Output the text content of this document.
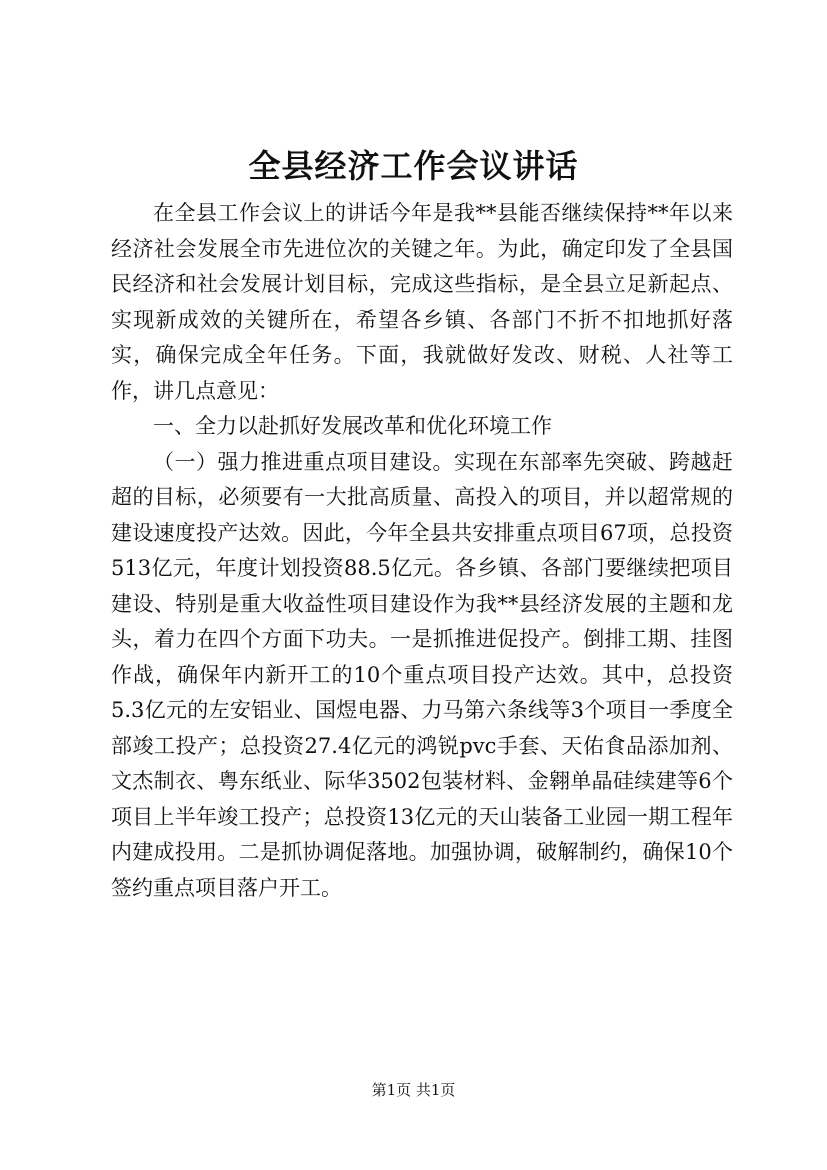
全县经济工作会议讲话

在全县工作会议上的讲话今年是我**县能否继续保持**年以来经济社会发展全市先进位次的关键之年。为此，确定印发了全县国民经济和社会发展计划目标，完成这些指标，是全县立足新起点、实现新成效的关键所在，希望各乡镇、各部门不折不扣地抓好落实，确保完成全年任务。下面，我就做好发改、财税、人社等工作，讲几点意见：

一、全力以赴抓好发展改革和优化环境工作

（一）强力推进重点项目建设。实现在东部率先突破、跨越赶超的目标，必须要有一大批高质量、高投入的项目，并以超常规的建设速度投产达效。因此，今年全县共安排重点项目67项，总投资513亿元，年度计划投资88.5亿元。各乡镇、各部门要继续把项目建设、特别是重大收益性项目建设作为我**县经济发展的主题和龙头，着力在四个方面下功夫。一是抓推进促投产。倒排工期、挂图作战，确保年内新开工的10个重点项目投产达效。其中，总投资5.3亿元的左安铝业、国煜电器、力马第六条线等3个项目一季度全部竣工投产；总投资27.4亿元的鸿锐pvc手套、天佑食品添加剂、文杰制衣、粤东纸业、际华3502包装材料、金翱单晶硅续建等6个项目上半年竣工投产；总投资13亿元的天山装备工业园一期工程年内建成投用。二是抓协调促落地。加强协调，破解制约，确保10个签约重点项目落户开工。

第1页 共1页
